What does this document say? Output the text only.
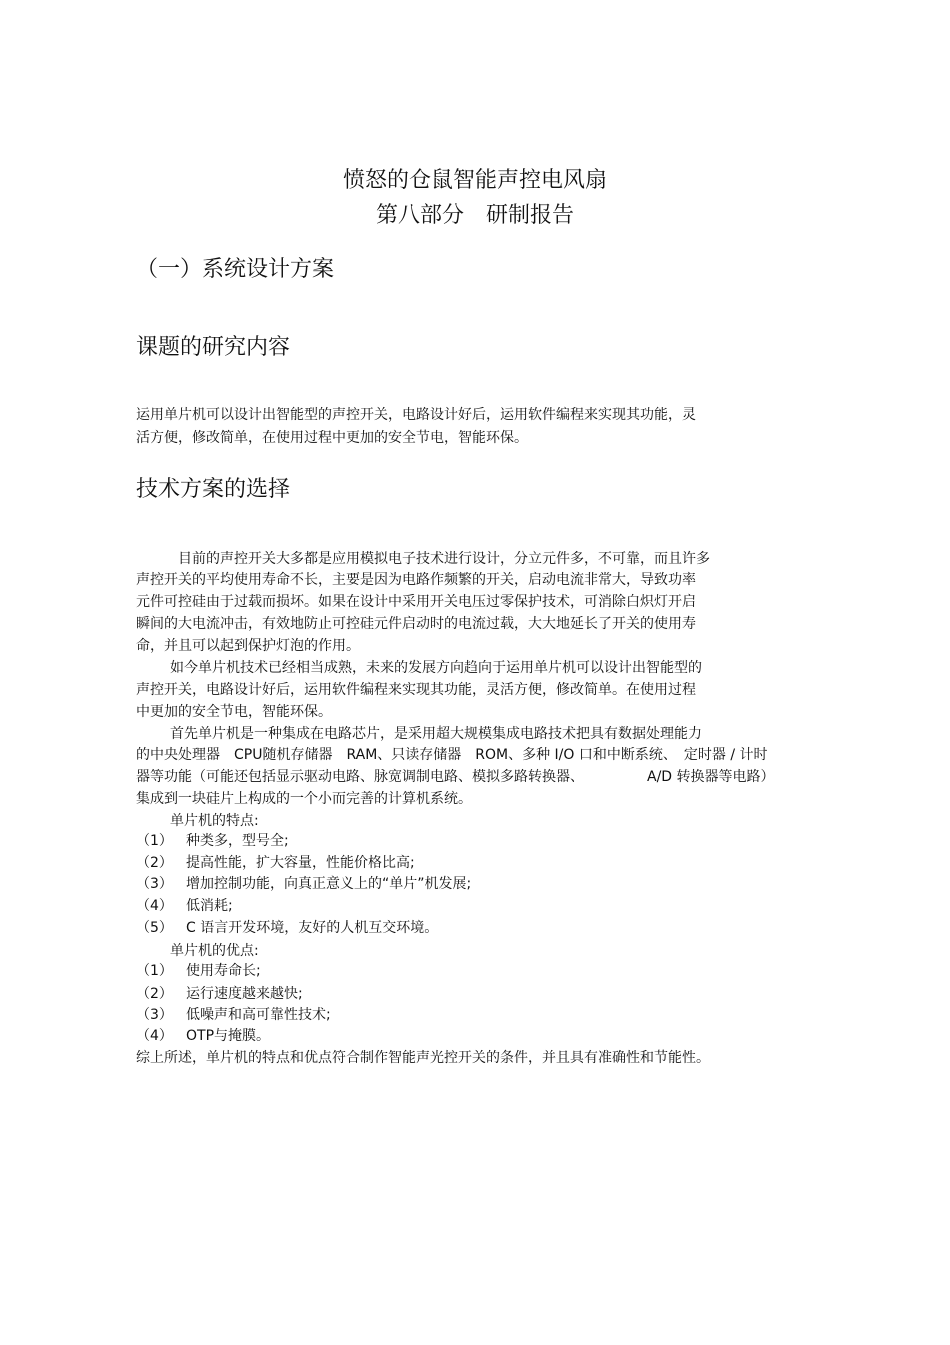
愤怒的仓鼠智能声控电风扇
第八部分　研制报告
（一）系统设计方案
课题的研究内容
运用单片机可以设计出智能型的声控开关，电路设计好后，运用软件编程来实现其功能，灵
活方便，修改简单，在使用过程中更加的安全节电，智能环保。
技术方案的选择
目前的声控开关大多都是应用模拟电子技术进行设计，分立元件多，不可靠，而且许多
声控开关的平均使用寿命不长，主要是因为电路作频繁的开关，启动电流非常大，导致功率
元件可控硅由于过载而损坏。如果在设计中采用开关电压过零保护技术，可消除白炽灯开启
瞬间的大电流冲击，有效地防止可控硅元件启动时的电流过载，大大地延长了开关的使用寿
命，并且可以起到保护灯泡的作用。
如今单片机技术已经相当成熟，未来的发展方向趋向于运用单片机可以设计出智能型的
声控开关，电路设计好后，运用软件编程来实现其功能，灵活方便，修改简单。在使用过程
中更加的安全节电，智能环保。
首先单片机是一种集成在电路芯片，是采用超大规模集成电路技术把具有数据处理能力
的中央处理器　CPU随机存储器　RAM、只读存储器　ROM、多种 I/O 口和中断系统、　定时器 / 计时
器等功能（可能还包括显示驱动电路、脉宽调制电路、模拟多路转换器、　　　　　A/D 转换器等电路）
集成到一块硅片上构成的一个小而完善的计算机系统。
单片机的特点:
（1） 种类多，型号全;
（2） 提高性能，扩大容量，性能价格比高;
（3） 增加控制功能，向真正意义上的“单片”机发展;
（4） 低消耗;
（5） C 语言开发环境，友好的人机互交环境。
单片机的优点:
（1） 使用寿命长;
（2） 运行速度越来越快;
（3） 低噪声和高可靠性技术;
（4） OTP与掩膜。
综上所述，单片机的特点和优点符合制作智能声光控开关的条件，并且具有准确性和节能性。
